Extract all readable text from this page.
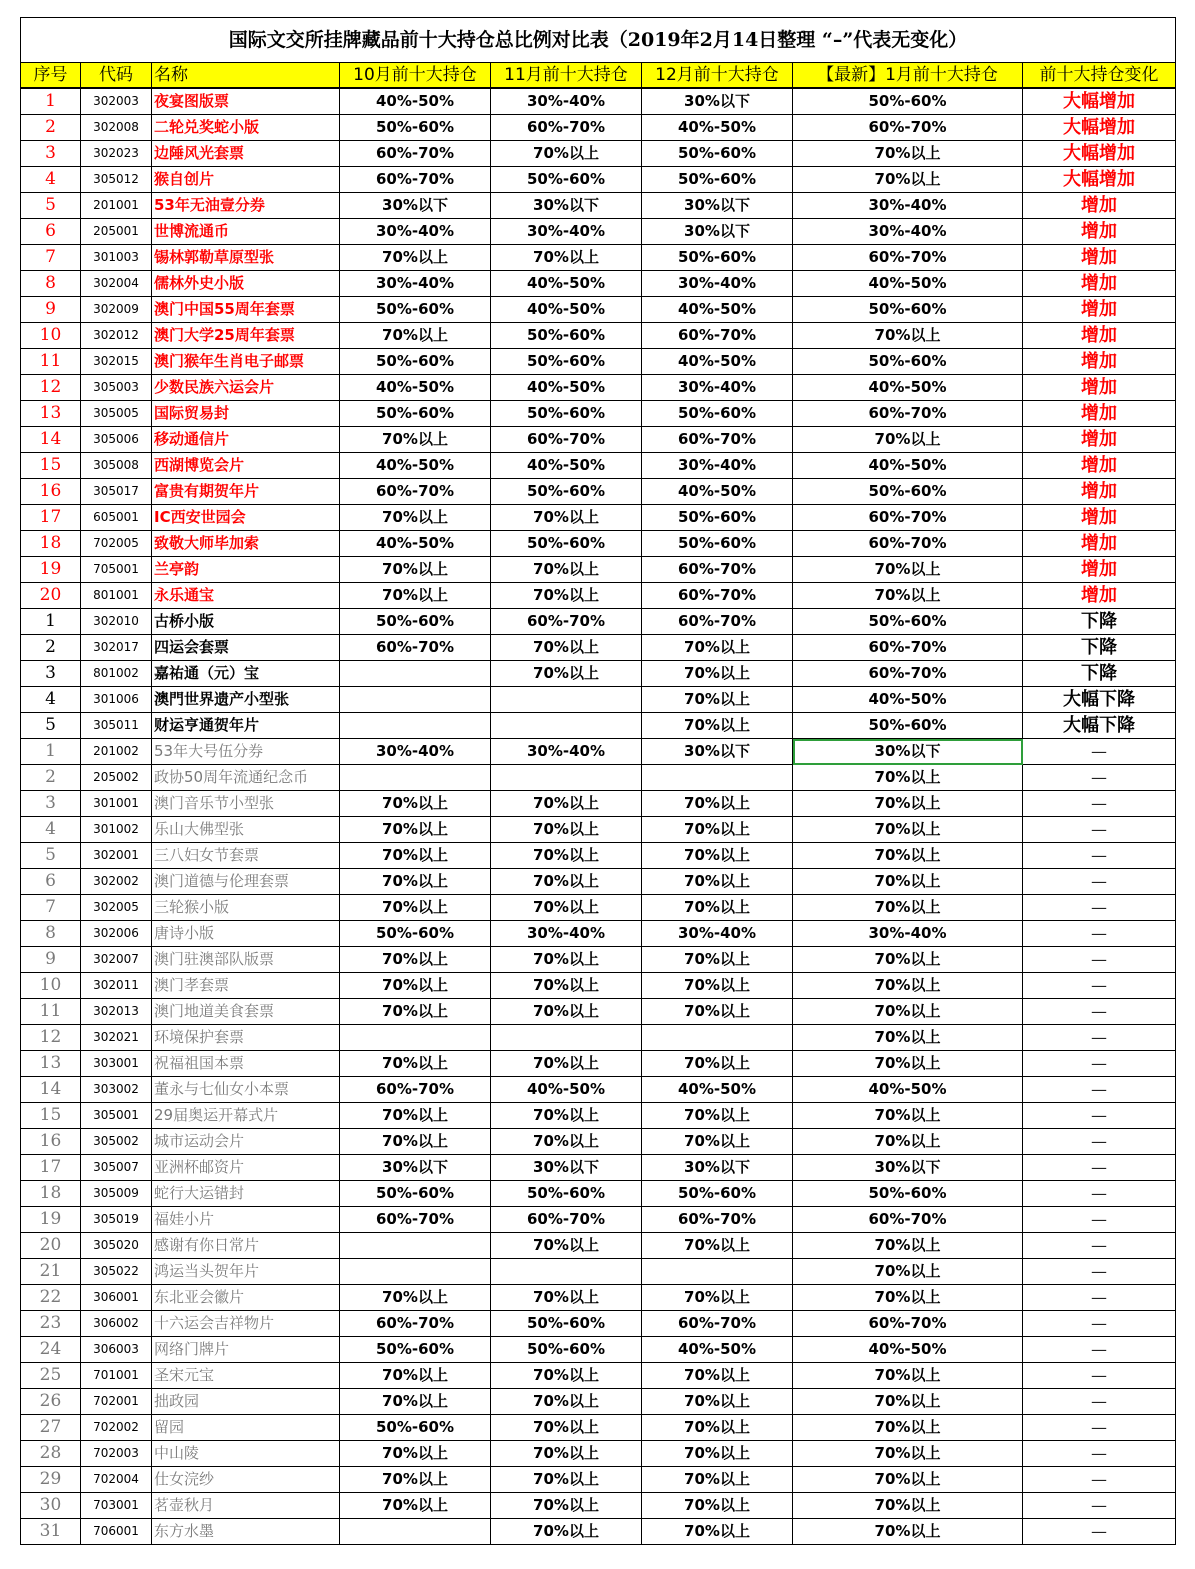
国际文交所挂牌藏品前十大持仓总比例对比表（2019年2月14日整理 “–”代表无变化）							
序号	代码	名称	10月前十大持仓	11月前十大持仓	12月前十大持仓	【最新】1月前十大持仓	前十大持仓变化
1	302003	夜宴图版票	40%-50%	30%-40%	30%以下	50%-60%	大幅增加
2	302008	二轮兑奖蛇小版	50%-60%	60%-70%	40%-50%	60%-70%	大幅增加
3	302023	边陲风光套票	60%-70%	70%以上	50%-60%	70%以上	大幅增加
4	305012	猴自创片	60%-70%	50%-60%	50%-60%	70%以上	大幅增加
5	201001	53年无油壹分券	30%以下	30%以下	30%以下	30%-40%	增加
6	205001	世博流通币	30%-40%	30%-40%	30%以下	30%-40%	增加
7	301003	锡林郭勒草原型张	70%以上	70%以上	50%-60%	60%-70%	增加
8	302004	儒林外史小版	30%-40%	40%-50%	30%-40%	40%-50%	增加
9	302009	澳门中国55周年套票	50%-60%	40%-50%	40%-50%	50%-60%	增加
10	302012	澳门大学25周年套票	70%以上	50%-60%	60%-70%	70%以上	增加
11	302015	澳门猴年生肖电子邮票	50%-60%	50%-60%	40%-50%	50%-60%	增加
12	305003	少数民族六运会片	40%-50%	40%-50%	30%-40%	40%-50%	增加
13	305005	国际贸易封	50%-60%	50%-60%	50%-60%	60%-70%	增加
14	305006	移动通信片	70%以上	60%-70%	60%-70%	70%以上	增加
15	305008	西湖博览会片	40%-50%	40%-50%	30%-40%	40%-50%	增加
16	305017	富贵有期贺年片	60%-70%	50%-60%	40%-50%	50%-60%	增加
17	605001	IC西安世园会	70%以上	70%以上	50%-60%	60%-70%	增加
18	702005	致敬大师毕加索	40%-50%	50%-60%	50%-60%	60%-70%	增加
19	705001	兰亭韵	70%以上	70%以上	60%-70%	70%以上	增加
20	801001	永乐通宝	70%以上	70%以上	60%-70%	70%以上	增加
1	302010	古桥小版	50%-60%	60%-70%	60%-70%	50%-60%	下降
2	302017	四运会套票	60%-70%	70%以上	70%以上	60%-70%	下降
3	801002	嘉祐通（元）宝		70%以上	70%以上	60%-70%	下降
4	301006	澳門世界遗产小型张			70%以上	40%-50%	大幅下降
5	305011	财运亨通贺年片			70%以上	50%-60%	大幅下降
1	201002	53年大号伍分券	30%-40%	30%-40%	30%以下	30%以下	—
2	205002	政协50周年流通纪念币				70%以上	—
3	301001	澳门音乐节小型张	70%以上	70%以上	70%以上	70%以上	—
4	301002	乐山大佛型张	70%以上	70%以上	70%以上	70%以上	—
5	302001	三八妇女节套票	70%以上	70%以上	70%以上	70%以上	—
6	302002	澳门道德与伦理套票	70%以上	70%以上	70%以上	70%以上	—
7	302005	三轮猴小版	70%以上	70%以上	70%以上	70%以上	—
8	302006	唐诗小版	50%-60%	30%-40%	30%-40%	30%-40%	—
9	302007	澳门驻澳部队版票	70%以上	70%以上	70%以上	70%以上	—
10	302011	澳门孝套票	70%以上	70%以上	70%以上	70%以上	—
11	302013	澳门地道美食套票	70%以上	70%以上	70%以上	70%以上	—
12	302021	环境保护套票				70%以上	—
13	303001	祝福祖国本票	70%以上	70%以上	70%以上	70%以上	—
14	303002	董永与七仙女小本票	60%-70%	40%-50%	40%-50%	40%-50%	—
15	305001	29届奥运开幕式片	70%以上	70%以上	70%以上	70%以上	—
16	305002	城市运动会片	70%以上	70%以上	70%以上	70%以上	—
17	305007	亚洲杯邮资片	30%以下	30%以下	30%以下	30%以下	—
18	305009	蛇行大运错封	50%-60%	50%-60%	50%-60%	50%-60%	—
19	305019	福娃小片	60%-70%	60%-70%	60%-70%	60%-70%	—
20	305020	感谢有你日常片		70%以上	70%以上	70%以上	—
21	305022	鸿运当头贺年片				70%以上	—
22	306001	东北亚会徽片	70%以上	70%以上	70%以上	70%以上	—
23	306002	十六运会吉祥物片	60%-70%	50%-60%	60%-70%	60%-70%	—
24	306003	网络门牌片	50%-60%	50%-60%	40%-50%	40%-50%	—
25	701001	圣宋元宝	70%以上	70%以上	70%以上	70%以上	—
26	702001	拙政园	70%以上	70%以上	70%以上	70%以上	—
27	702002	留园	50%-60%	70%以上	70%以上	70%以上	—
28	702003	中山陵	70%以上	70%以上	70%以上	70%以上	—
29	702004	仕女浣纱	70%以上	70%以上	70%以上	70%以上	—
30	703001	茗壶秋月	70%以上	70%以上	70%以上	70%以上	—
31	706001	东方水墨		70%以上	70%以上	70%以上	—
